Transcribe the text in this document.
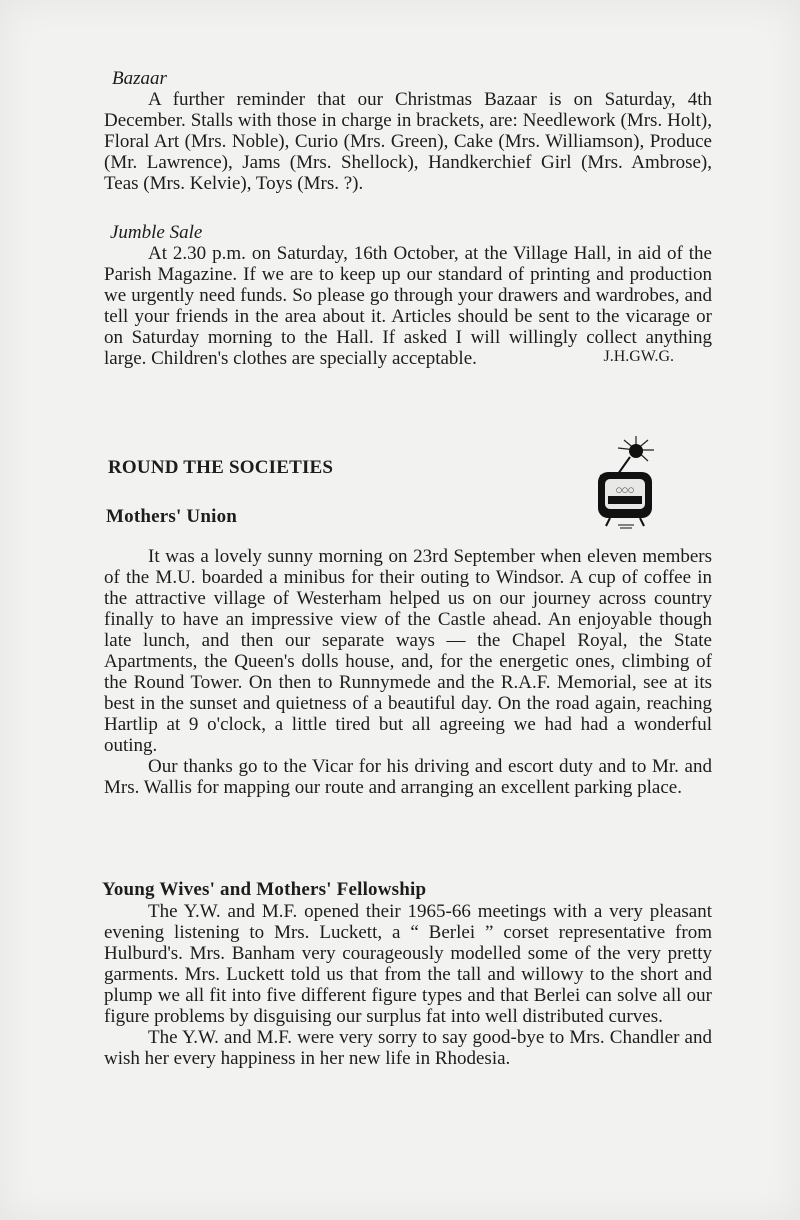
Bazaar

A further reminder that our Christmas Bazaar is on Saturday, 4th December. Stalls with those in charge in brackets, are: Needlework (Mrs. Holt), Floral Art (Mrs. Noble), Curio (Mrs. Green), Cake (Mrs. Williamson), Produce (Mr. Lawrence), Jams (Mrs. Shellock), Handkerchief Girl (Mrs. Ambrose), Teas (Mrs. Kelvie), Toys (Mrs. ?).

Jumble Sale

At 2.30 p.m. on Saturday, 16th October, at the Village Hall, in aid of the Parish Magazine. If we are to keep up our standard of printing and production we urgently need funds. So please go through your drawers and wardrobes, and tell your friends in the area about it. Articles should be sent to the vicarage or on Saturday morning to the Hall. If asked I will willingly collect anything large. Children's clothes are specially acceptable.	J.H.GW.G.
ROUND THE SOCIETIES
○○○
Mothers' Union

It was a lovely sunny morning on 23rd September when eleven members of the M.U. boarded a minibus for their outing to Windsor. A cup of coffee in the attractive village of Westerham helped us on our journey across country finally to have an impressive view of the Castle ahead. An enjoyable though late lunch, and then our separate ways — the Chapel Royal, the State Apartments, the Queen's dolls house, and, for the energetic ones, climbing of the Round Tower. On then to Runnymede and the R.A.F. Memorial, see at its best in the sunset and quietness of a beautiful day. On the road again, reaching Hartlip at 9 o'clock, a little tired but all agreeing we had had a wonderful outing.

Our thanks go to the Vicar for his driving and escort duty and to Mr. and Mrs. Wallis for mapping our route and arranging an excellent parking place.

Young Wives' and Mothers' Fellowship

The Y.W. and M.F. opened their 1965-66 meetings with a very pleasant evening listening to Mrs. Luckett, a “ Berlei ” corset representative from Hulburd's. Mrs. Banham very courageously modelled some of the very pretty garments. Mrs. Luckett told us that from the tall and willowy to the short and plump we all fit into five different figure types and that Berlei can solve all our figure problems by disguising our surplus fat into well distributed curves.

The Y.W. and M.F. were very sorry to say good-bye to Mrs. Chandler and wish her every happiness in her new life in Rhodesia.
